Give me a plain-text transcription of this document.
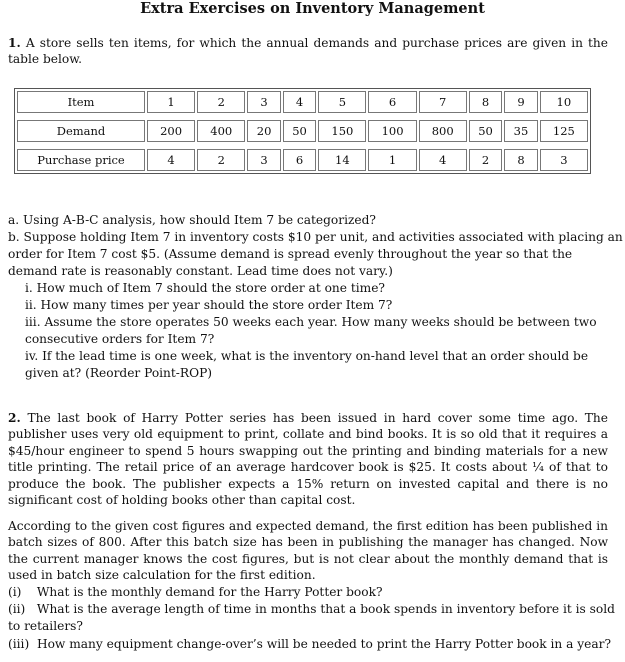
Extra Exercises on Inventory Management
1. A store sells ten items, for which the annual demands and purchase prices are given in the table below.
Item	1	2	3	4	5	6	7	8	9	10

Demand	200	400	20	50	150	100	800	50	35	125

Purchase price	4	2	3	6	14	1	4	2	8	3
a. Using A-B-C analysis, how should Item 7 be categorized?
b. Suppose holding Item 7 in inventory costs $10 per unit, and activities associated with placing an
order for Item 7 cost $5. (Assume demand is spread evenly throughout the year so that the
demand rate is reasonably constant. Lead time does not vary.)
i. How much of Item 7 should the store order at one time?
ii. How many times per year should the store order Item 7?
iii. Assume the store operates 50 weeks each year. How many weeks should be between two
consecutive orders for Item 7?
iv. If the lead time is one week, what is the inventory on-hand level that an order should be
given at? (Reorder Point-ROP)
2. The last book of Harry Potter series has been issued in hard cover some time ago. The publisher uses very old equipment to print, collate and bind books. It is so old that it requires a $45/hour engineer to spend 5 hours swapping out the printing and binding materials for a new title printing. The retail price of an average hardcover book is $25. It costs about ¼ of that to produce the book. The publisher expects a 15% return on invested capital and there is no significant cost of holding books other than capital cost.
According to the given cost figures and expected demand, the first edition has been published in batch sizes of 800. After this batch size has been in publishing the manager has changed. Now the current manager knows the cost figures, but is not clear about the monthly demand that is used in batch size calculation for the first edition.
(i)    What is the monthly demand for the Harry Potter book?
(ii)   What is the average length of time in months that a book spends in inventory before it is sold
to retailers?
(iii)  How many equipment change-over’s will be needed to print the Harry Potter book in a year?
